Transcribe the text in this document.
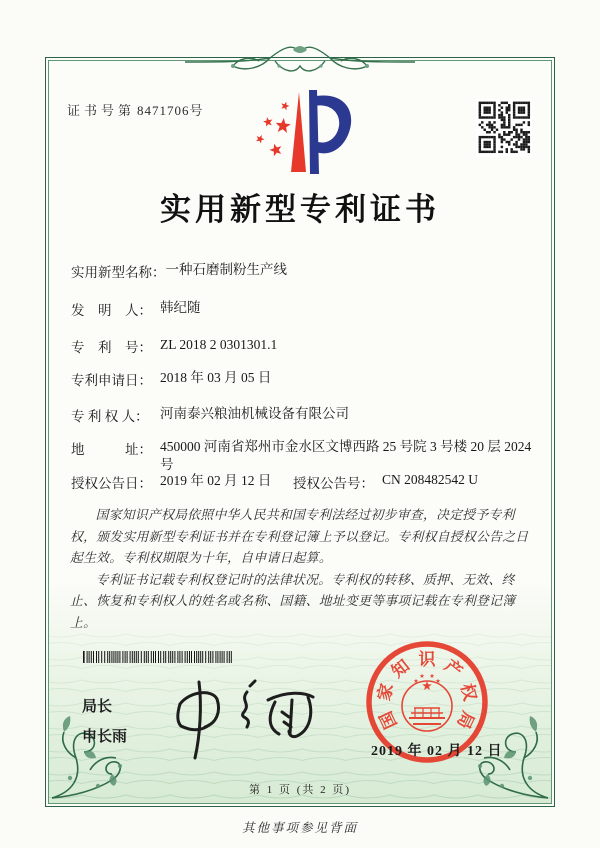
证书号第 8471706号
实用新型专利证书
实用新型名称： 一种石磨制粉生产线
发　明　人： 韩纪随
专　利　号： ZL 2018 2 0301301.1
专利申请日： 2018 年 03 月 05 日
专 利 权 人： 河南泰兴粮油机械设备有限公司
地　　　址： 450000 河南省郑州市金水区文博西路 25 号院 3 号楼 20 层 2024 号
授权公告日： 2019 年 02 月 12 日	授权公告号： CN 208482542 U

国家知识产权局依照中华人民共和国专利法经过初步审查，决定授予专利权，颁发实用新型专利证书并在专利登记簿上予以登记。专利权自授权公告之日起生效。专利权期限为十年，自申请日起算。

专利证书记载专利权登记时的法律状况。专利权的转移、质押、无效、终止、恢复和专利权人的姓名或名称、国籍、地址变更等事项记载在专利登记簿上。

局长
申长雨
国
家
知 识 产
权
局
2019 年 02 月 12 日
第 1 页 (共 2 页)
其他事项参见背面
